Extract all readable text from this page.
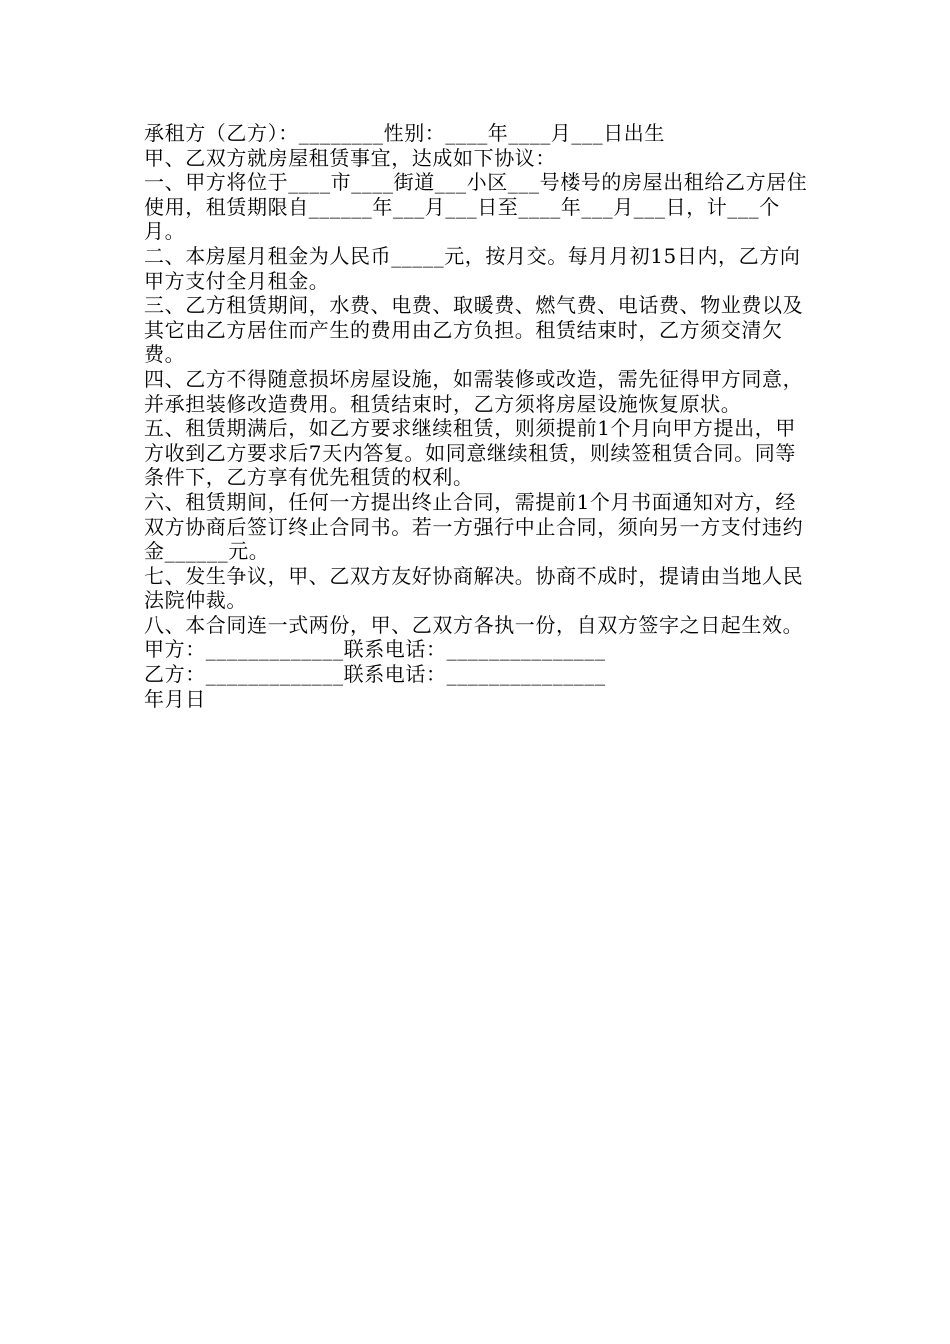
承租方（乙方）：________性别：____年____月___日出生

甲、乙双方就房屋租赁事宜，达成如下协议：

一、甲方将位于____市____街道___小区___号楼号的房屋出租给乙方居住使用，租赁期限自______年___月___日至____年___月___日，计___个月。

二、本房屋月租金为人民币_____元，按月交。每月月初15日内，乙方向甲方支付全月租金。

三、乙方租赁期间，水费、电费、取暖费、燃气费、电话费、物业费以及其它由乙方居住而产生的费用由乙方负担。租赁结束时，乙方须交清欠费。

四、乙方不得随意损坏房屋设施，如需装修或改造，需先征得甲方同意，并承担装修改造费用。租赁结束时，乙方须将房屋设施恢复原状。

五、租赁期满后，如乙方要求继续租赁，则须提前1个月向甲方提出，甲方收到乙方要求后7天内答复。如同意继续租赁，则续签租赁合同。同等条件下，乙方享有优先租赁的权利。

六、租赁期间，任何一方提出终止合同，需提前1个月书面通知对方，经双方协商后签订终止合同书。若一方强行中止合同，须向另一方支付违约金______元。

七、发生争议，甲、乙双方友好协商解决。协商不成时，提请由当地人民法院仲裁。

八、本合同连一式两份，甲、乙双方各执一份，自双方签字之日起生效。

甲方：_____________联系电话：_______________

乙方：_____________联系电话：_______________

年月日
